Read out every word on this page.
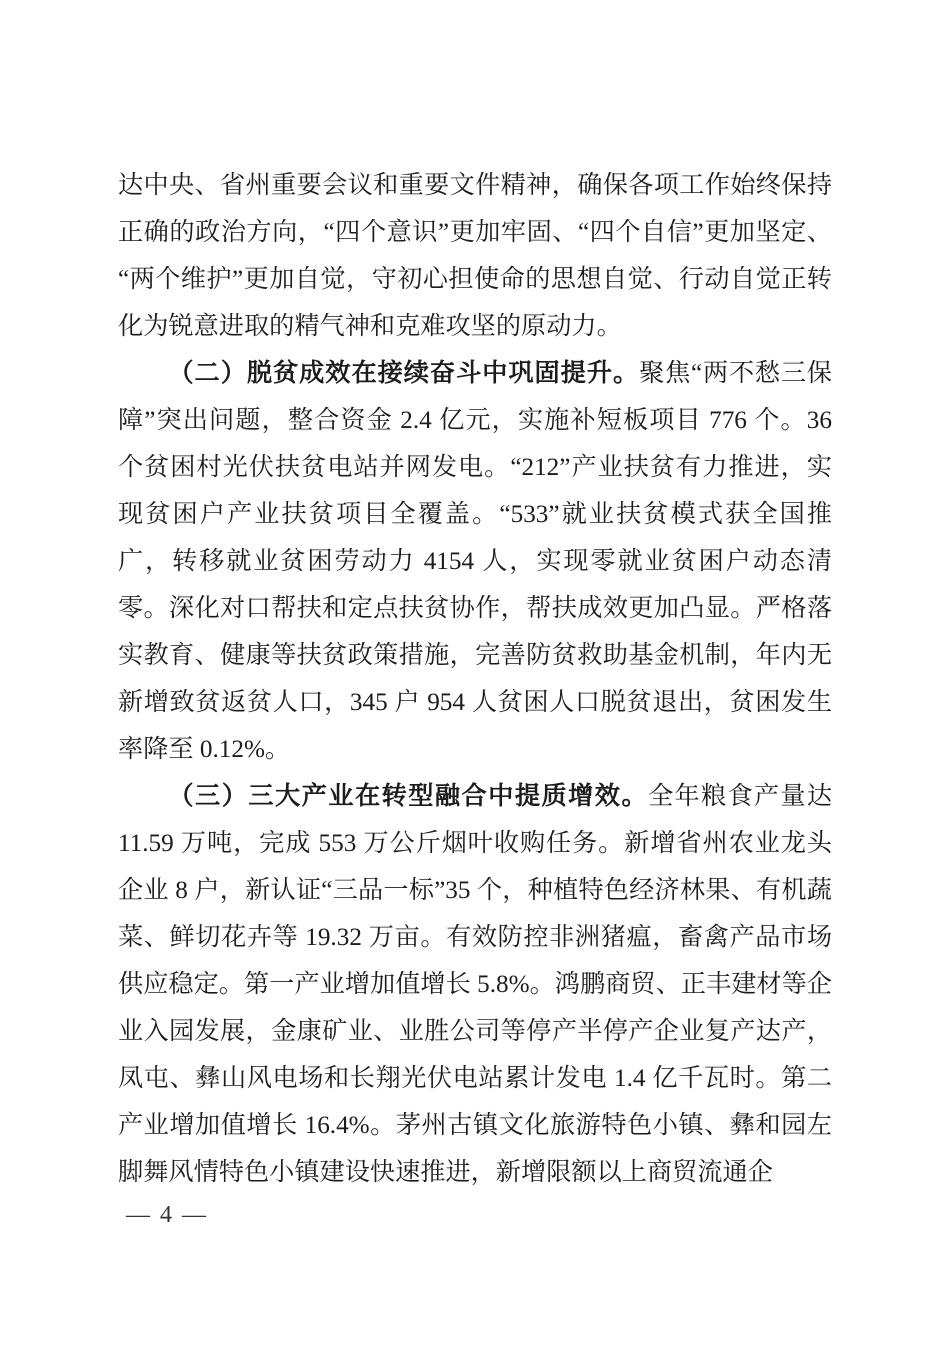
达中央、省州重要会议和重要文件精神，确保各项工作始终保持正确的政治方向，“四个意识”更加牢固、“四个自信”更加坚定、“两个维护”更加自觉，守初心担使命的思想自觉、行动自觉正转化为锐意进取的精气神和克难攻坚的原动力。

（二）脱贫成效在接续奋斗中巩固提升。聚焦“两不愁三保障”突出问题，整合资金 2.4 亿元，实施补短板项目 776 个。36 个贫困村光伏扶贫电站并网发电。“212”产业扶贫有力推进，实现贫困户产业扶贫项目全覆盖。“533”就业扶贫模式获全国推广，转移就业贫困劳动力 4154 人，实现零就业贫困户动态清零。深化对口帮扶和定点扶贫协作，帮扶成效更加凸显。严格落实教育、健康等扶贫政策措施，完善防贫救助基金机制，年内无新增致贫返贫人口，345 户 954 人贫困人口脱贫退出，贫困发生率降至 0.12%。

（三）三大产业在转型融合中提质增效。全年粮食产量达 11.59 万吨，完成 553 万公斤烟叶收购任务。新增省州农业龙头企业 8 户，新认证“三品一标”35 个，种植特色经济林果、有机蔬菜、鲜切花卉等 19.32 万亩。有效防控非洲猪瘟，畜禽产品市场供应稳定。第一产业增加值增长 5.8%。鸿鹏商贸、正丰建材等企业入园发展，金康矿业、业胜公司等停产半停产企业复产达产，凤屯、彝山风电场和长翔光伏电站累计发电 1.4 亿千瓦时。第二产业增加值增长 16.4%。茅州古镇文化旅游特色小镇、彝和园左脚舞风情特色小镇建设快速推进，新增限额以上商贸流通企

— 4 —
